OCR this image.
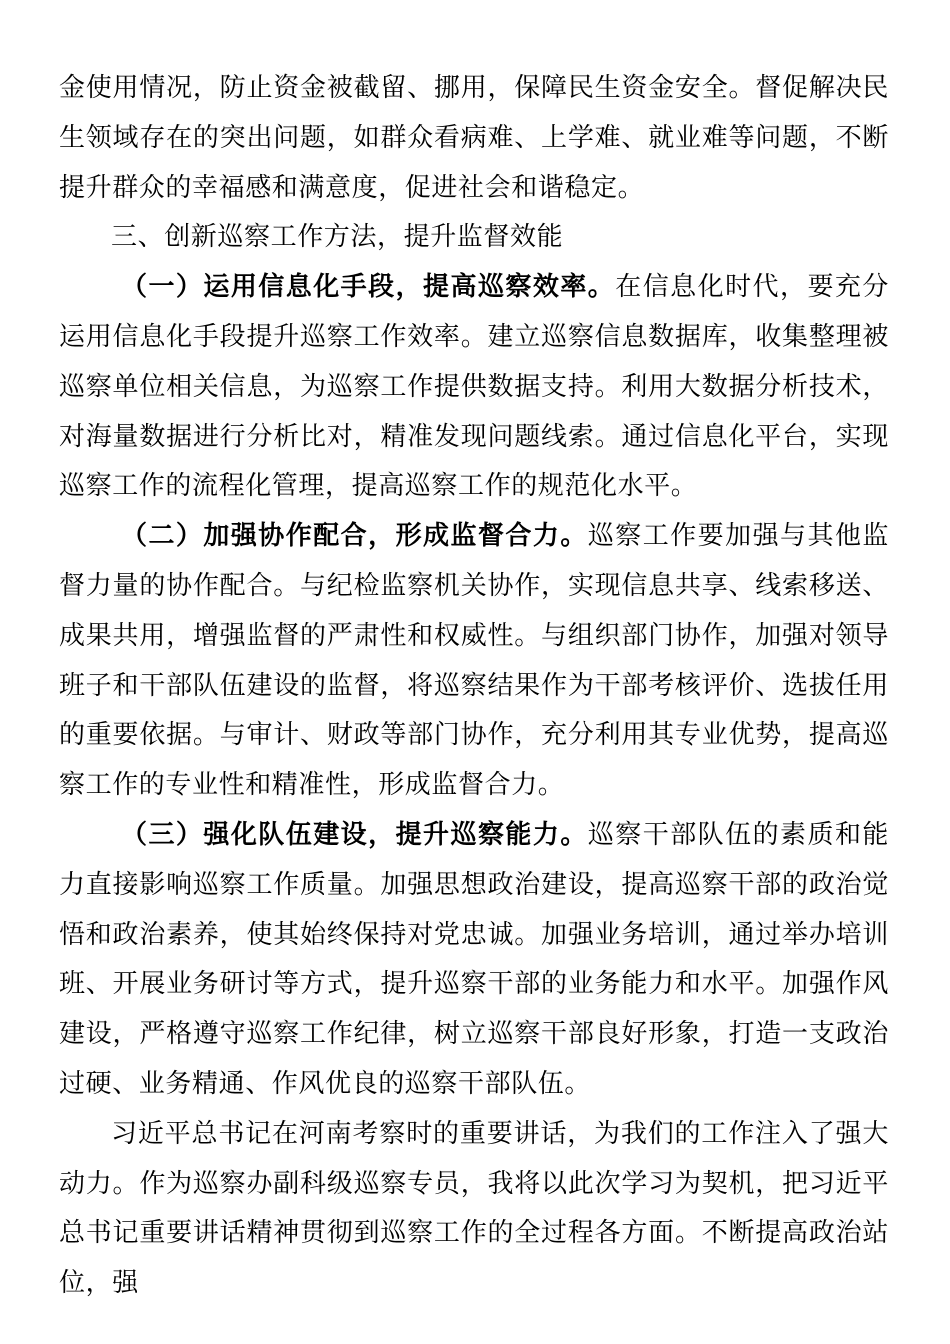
金使用情况，防止资金被截留、挪用，保障民生资金安全。督促解决民生领域存在的突出问题，如群众看病难、上学难、就业难等问题，不断提升群众的幸福感和满意度，促进社会和谐稳定。

三、创新巡察工作方法，提升监督效能

（一）运用信息化手段，提高巡察效率。在信息化时代，要充分运用信息化手段提升巡察工作效率。建立巡察信息数据库，收集整理被巡察单位相关信息，为巡察工作提供数据支持。利用大数据分析技术，对海量数据进行分析比对，精准发现问题线索。通过信息化平台，实现巡察工作的流程化管理，提高巡察工作的规范化水平。

（二）加强协作配合，形成监督合力。巡察工作要加强与其他监督力量的协作配合。与纪检监察机关协作，实现信息共享、线索移送、成果共用，增强监督的严肃性和权威性。与组织部门协作，加强对领导班子和干部队伍建设的监督，将巡察结果作为干部考核评价、选拔任用的重要依据。与审计、财政等部门协作，充分利用其专业优势，提高巡察工作的专业性和精准性，形成监督合力。

（三）强化队伍建设，提升巡察能力。巡察干部队伍的素质和能力直接影响巡察工作质量。加强思想政治建设，提高巡察干部的政治觉悟和政治素养，使其始终保持对党忠诚。加强业务培训，通过举办培训班、开展业务研讨等方式，提升巡察干部的业务能力和水平。加强作风建设，严格遵守巡察工作纪律，树立巡察干部良好形象，打造一支政治过硬、业务精通、作风优良的巡察干部队伍。

习近平总书记在河南考察时的重要讲话，为我们的工作注入了强大动力。作为巡察办副科级巡察专员，我将以此次学习为契机，把习近平总书记重要讲话精神贯彻到巡察工作的全过程各方面。不断提高政治站位，强
